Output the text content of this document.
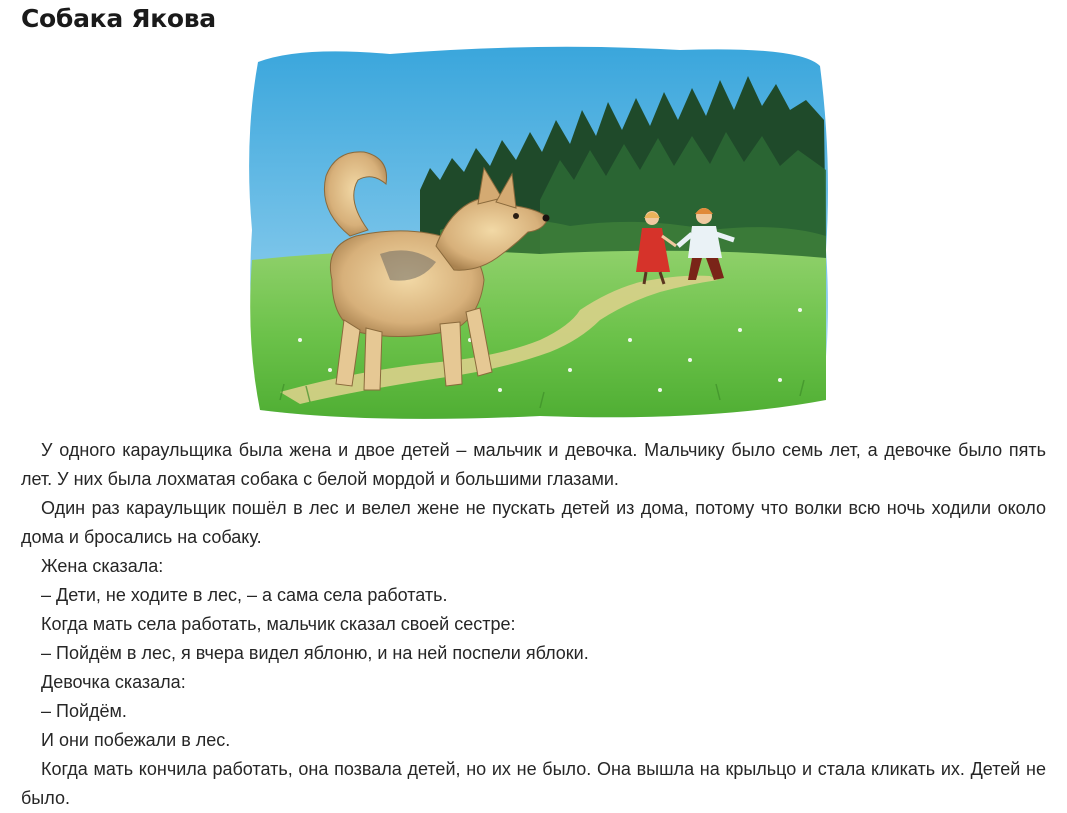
Собака Якова

У одного караульщика была жена и двое детей – мальчик и девочка. Мальчику было семь лет, а девочке было пять лет. У них была лохматая собака с белой мордой и большими глазами.

Один раз караульщик пошёл в лес и велел жене не пускать детей из дома, потому что волки всю ночь ходили около дома и бросались на собаку.

Жена сказала:

– Дети, не ходите в лес, – а сама села работать.

Когда мать села работать, мальчик сказал своей сестре:

– Пойдём в лес, я вчера видел яблоню, и на ней поспели яблоки.

Девочка сказала:

– Пойдём.

И они побежали в лес.

Когда мать кончила работать, она позвала детей, но их не было. Она вышла на крыльцо и стала кликать их. Детей не было.
